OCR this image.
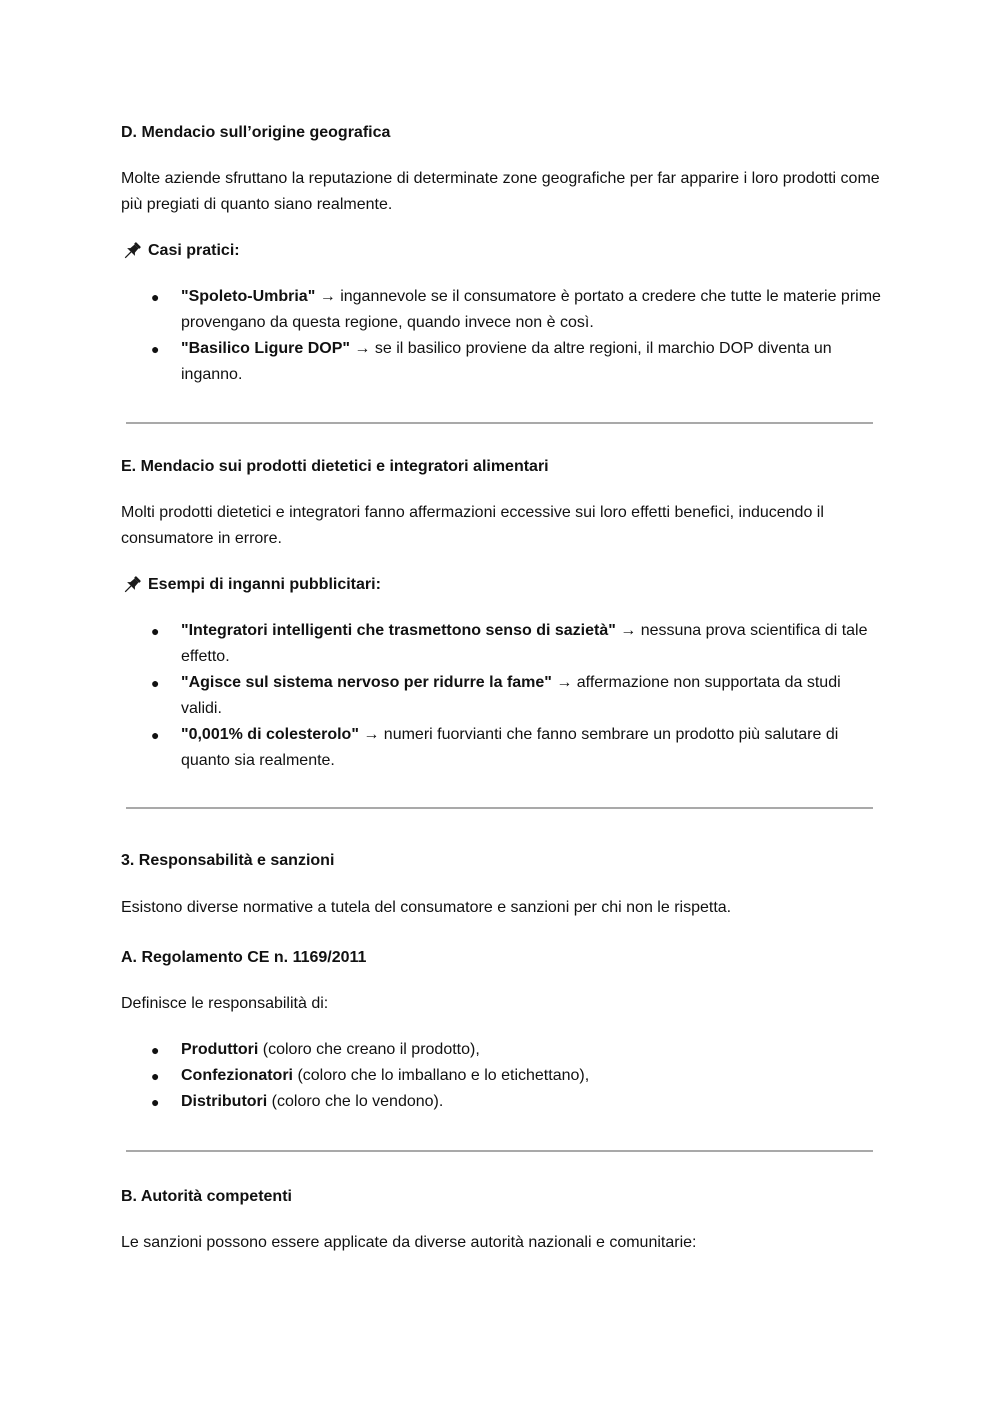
D. Mendacio sull’origine geografica

Molte aziende sfruttano la reputazione di determinate zone geografiche per far apparire i loro prodotti come più pregiati di quanto siano realmente.

Casi pratici:
● "Spoleto-Umbria" → ingannevole se il consumatore è portato a credere che tutte le materie prime provengano da questa regione, quando invece non è così.
● "Basilico Ligure DOP" → se il basilico proviene da altre regioni, il marchio DOP diventa un inganno.

E. Mendacio sui prodotti dietetici e integratori alimentari

Molti prodotti dietetici e integratori fanno affermazioni eccessive sui loro effetti benefici, inducendo il consumatore in errore.

Esempi di inganni pubblicitari:
● "Integratori intelligenti che trasmettono senso di sazietà" → nessuna prova scientifica di tale effetto.
● "Agisce sul sistema nervoso per ridurre la fame" → affermazione non supportata da studi validi.
● "0,001% di colesterolo" → numeri fuorvianti che fanno sembrare un prodotto più salutare di quanto sia realmente.

3. Responsabilità e sanzioni

Esistono diverse normative a tutela del consumatore e sanzioni per chi non le rispetta.

A. Regolamento CE n. 1169/2011

Definisce le responsabilità di:

● Produttori (coloro che creano il prodotto),
● Confezionatori (coloro che lo imballano e lo etichettano),
● Distributori (coloro che lo vendono).

B. Autorità competenti

Le sanzioni possono essere applicate da diverse autorità nazionali e comunitarie:
